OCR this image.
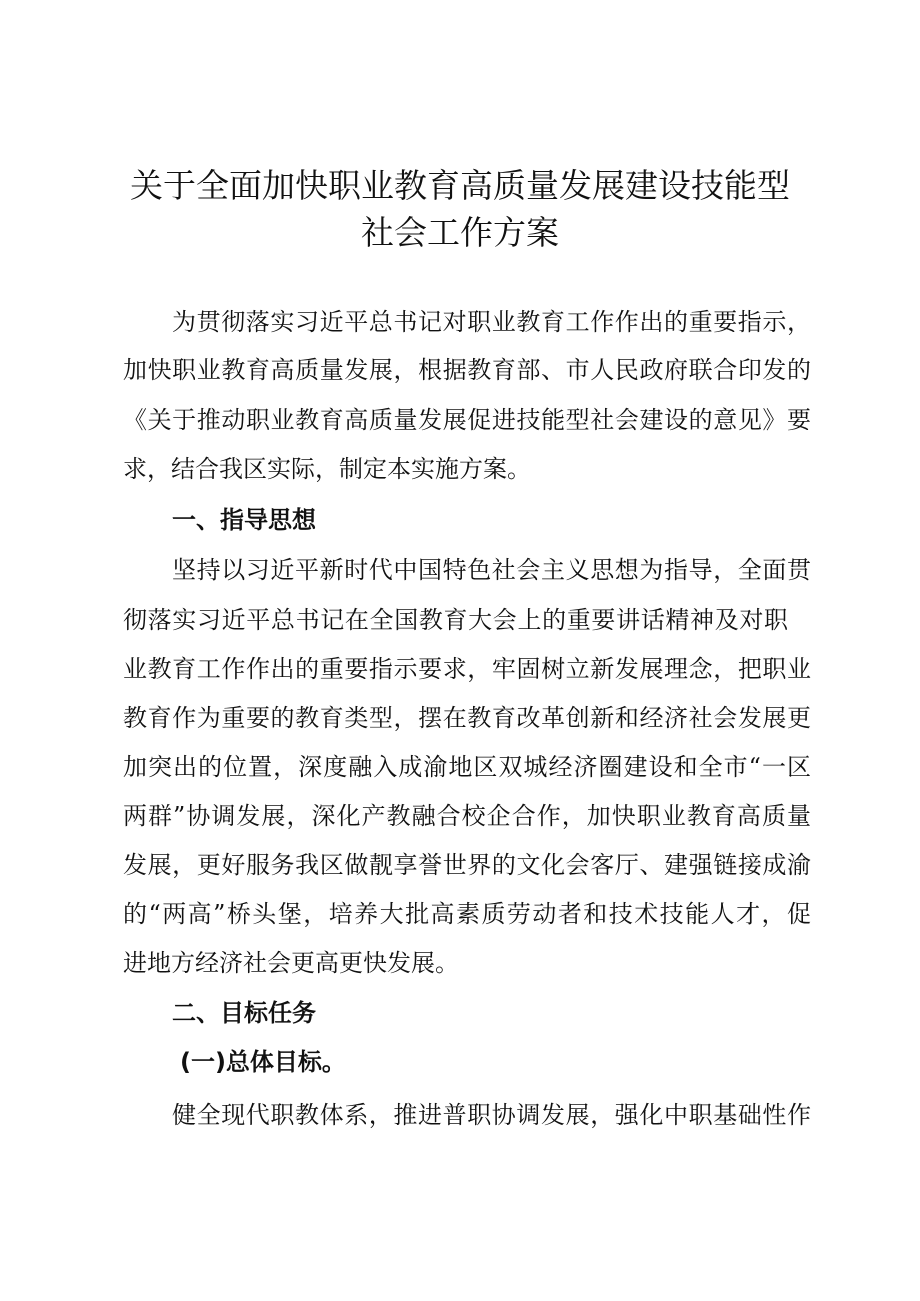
关于全面加快职业教育高质量发展建设技能型
社会工作方案
为贯彻落实习近平总书记对职业教育工作作出的重要指示，
加快职业教育高质量发展，根据教育部、市人民政府联合印发的
《关于推动职业教育高质量发展促进技能型社会建设的意见》要
求，结合我区实际，制定本实施方案。
一、指导思想
坚持以习近平新时代中国特色社会主义思想为指导，全面贯
彻落实习近平总书记在全国教育大会上的重要讲话精神及对职
业教育工作作出的重要指示要求，牢固树立新发展理念，把职业
教育作为重要的教育类型，摆在教育改革创新和经济社会发展更
加突出的位置，深度融入成渝地区双城经济圈建设和全市“一区
两群”协调发展，深化产教融合校企合作，加快职业教育高质量
发展，更好服务我区做靓享誉世界的文化会客厅、建强链接成渝
的“两高”桥头堡，培养大批高素质劳动者和技术技能人才，促
进地方经济社会更高更快发展。
二、目标任务
(一)总体目标。
健全现代职教体系，推进普职协调发展，强化中职基础性作
